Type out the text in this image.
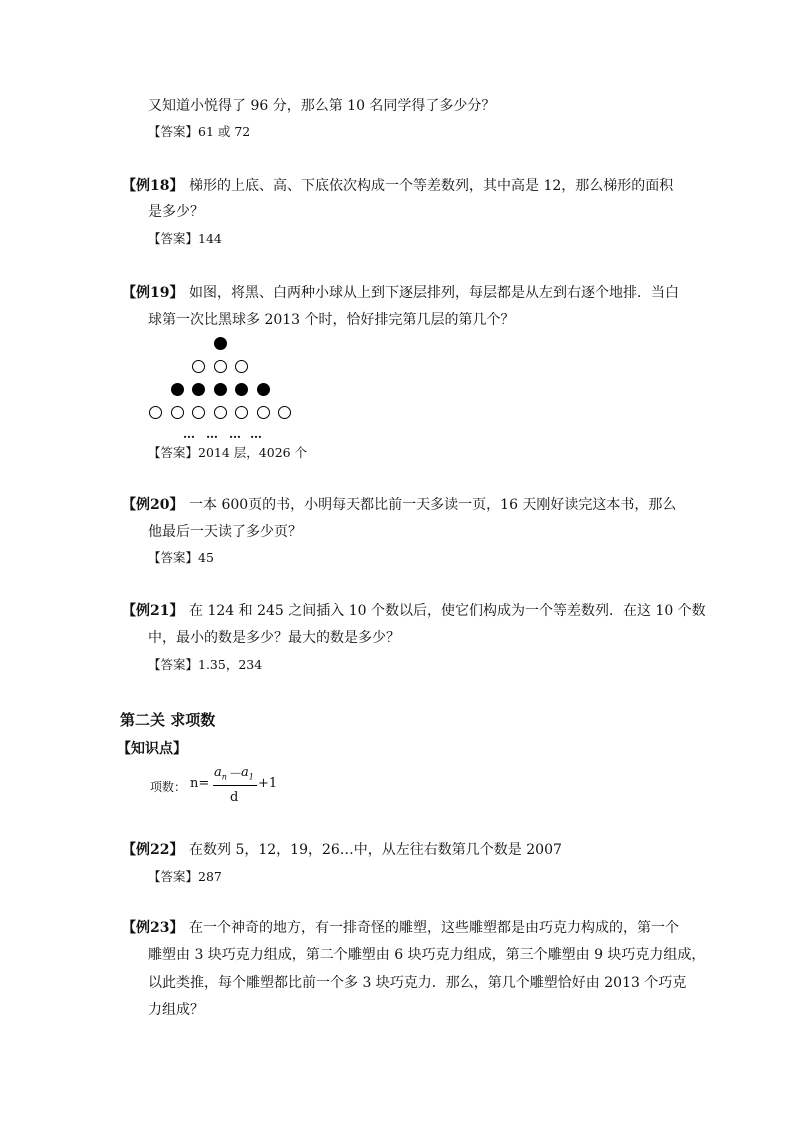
又知道小悦得了 96 分，那么第 10 名同学得了多少分？
【答案】61 或 72
【例18】 梯形的上底、高、下底依次构成一个等差数列，其中高是 12，那么梯形的面积
是多少？
【答案】144
【例19】 如图，将黑、白两种小球从上到下逐层排列，每层都是从左到右逐个地排．当白
球第一次比黑球多 2013 个时，恰好排完第几层的第几个？
… … … …
【答案】2014 层，4026 个
【例20】 一本 600页的书，小明每天都比前一天多读一页，16 天刚好读完这本书，那么
他最后一天读了多少页？
【答案】45
【例21】 在 124 和 245 之间插入 10 个数以后，使它们构成为一个等差数列．在这 10 个数
中，最小的数是多少？最大的数是多少？
【答案】1.35，234
第二关 求项数
【知识点】
项数： n=
$a_n$ －
$a_1$
d
+1
【例22】 在数列 5，12，19，26…中，从左往右数第几个数是 2007
【答案】287
【例23】 在一个神奇的地方，有一排奇怪的雕塑，这些雕塑都是由巧克力构成的，第一个
雕塑由 3 块巧克力组成，第二个雕塑由 6 块巧克力组成，第三个雕塑由 9 块巧克力组成，
以此类推，每个雕塑都比前一个多 3 块巧克力．那么，第几个雕塑恰好由 2013 个巧克
力组成？
